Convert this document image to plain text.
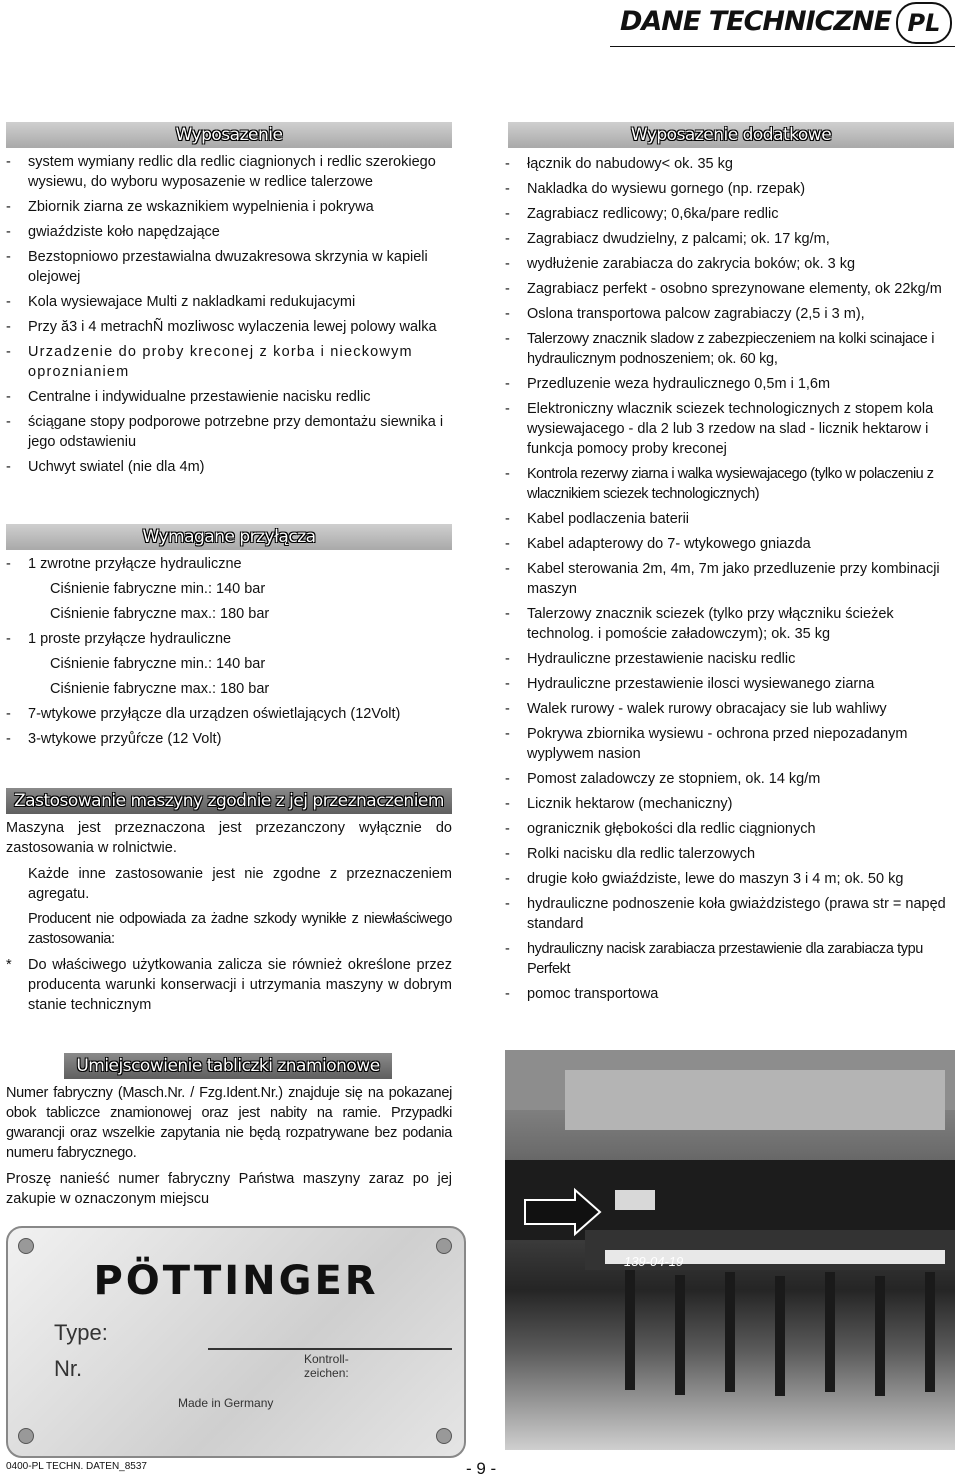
DANE TECHNICZNE PL
Wyposazenie
- system wymiany redlic dla redlic ciagnionych i redlic szerokiego wysiewu, do wyboru wyposazenie w redlice talerzowe
- Zbiornik ziarna ze wskaznikiem wypelnienia i pokrywa
- gwiaździste koło napędzające
- Bezstopniowo przestawialna dwuzakresowa skrzynia w kapieli olejowej
- Kola wysiewajace Multi z nakladkami redukujacymi
- Przy ă3 i 4 metrachÑ mozliwosc wylaczenia lewej polowy walka
- Urzadzenie do proby kreconej z korba i nieckowym oproznianiem
- Centralne i indywidualne przestawienie nacisku redlic
- ściągane stopy podporowe potrzebne przy demontażu siewnika i jego odstawieniu
- Uchwyt swiatel (nie dla 4m)
Wymagane przyłącza
- 1 zwrotne przyłącze hydrauliczne
Ciśnienie fabryczne min.: 140 bar
Ciśnienie fabryczne max.: 180 bar
- 1 proste przyłącze hydrauliczne
Ciśnienie fabryczne min.: 140 bar
Ciśnienie fabryczne max.: 180 bar
- 7-wtykowe przyłącze dla urządzen oświetlających (12Volt)
- 3-wtykowe przyůŕcze (12 Volt)
Zastosowanie maszyny zgodnie z jej przeznaczeniem

Maszyna jest przeznaczona jest przezanczony wyłącznie do zastosowania w rolnictwie.

Każde inne zastosowanie jest nie zgodne z przeznaczeniem agregatu.

Producent nie odpowiada za żadne szkody wynikłe z niewłaściwego zastosowania:

* Do właściwego użytkowania zalicza sie również określone przez producenta warunki konserwacji i utrzymania maszyny w dobrym stanie technicznym

Umiejscowienie tabliczki znamionowe

Numer fabryczny (Masch.Nr. / Fzg.Ident.Nr.) znajduje się na pokazanej obok tabliczce znamionowej oraz jest nabity na ramie. Przypadki gwarancji oraz wszelkie zapytania nie będą rozpatrywane bez podania numeru fabrycznego.

Proszę nanieść numer fabryczny Państwa maszyny zaraz po jej zakupie w oznaczonym miejscu

PÖTTINGER
Type:
Nr.	Kontroll-
zeichen:
Made in Germany
Wyposazenie dodatkowe
- łącznik do nabudowy< ok. 35 kg
- Nakladka do wysiewu gornego (np. rzepak)
- Zagrabiacz redlicowy; 0,6ka/pare redlic
- Zagrabiacz dwudzielny, z palcami; ok. 17 kg/m,
- wydłużenie zarabiacza do zakrycia boków; ok. 3 kg
- Zagrabiacz perfekt - osobno sprezynowane elementy, ok 22kg/m
- Oslona transportowa palcow zagrabiaczy (2,5 i 3 m),
- Talerzowy znacznik sladow z zabezpieczeniem na kolki scinajace i hydraulicznym podnoszeniem; ok. 60 kg,
- Przedluzenie weza hydraulicznego 0,5m i 1,6m
- Elektroniczny wlacznik sciezek technologicznych z stopem kola wysiewajacego - dla 2 lub 3 rzedow na slad - licznik hektarow i funkcja pomocy proby kreconej
- Kontrola rezerwy ziarna i walka wysiewajacego (tylko w polaczeniu z wlacznikiem sciezek technologicznych)
- Kabel podlaczenia baterii
- Kabel adapterowy do 7- wtykowego gniazda
- Kabel sterowania 2m, 4m, 7m jako przedluzenie przy kombinacji maszyn
- Talerzowy znacznik sciezek (tylko przy włączniku ścieżek technolog. i pomoście załadowczym); ok. 35 kg
- Hydrauliczne przestawienie nacisku redlic
- Hydrauliczne przestawienie ilosci wysiewanego ziarna
- Walek rurowy - walek rurowy obracajacy sie lub wahliwy
- Pokrywa zbiornika wysiewu - ochrona przed niepozadanym wyplywem nasion
- Pomost zaladowczy ze stopniem, ok. 14 kg/m
- Licznik hektarow (mechaniczny)
- ogranicznik głębokości dla redlic ciągnionych
- Rolki nacisku dla redlic talerzowych
- drugie koło gwiaździste, lewe do maszyn 3 i 4 m; ok. 50 kg
- hydrauliczne podnoszenie koła gwiażdzistego (prawa str = napęd standard
- hydrauliczny nacisk zarabiacza przestawienie dla zarabiacza typu Perfekt
- pomoc transportowa
139-04-19
0400-PL TECHN. DATEN_8537	- 9 -
